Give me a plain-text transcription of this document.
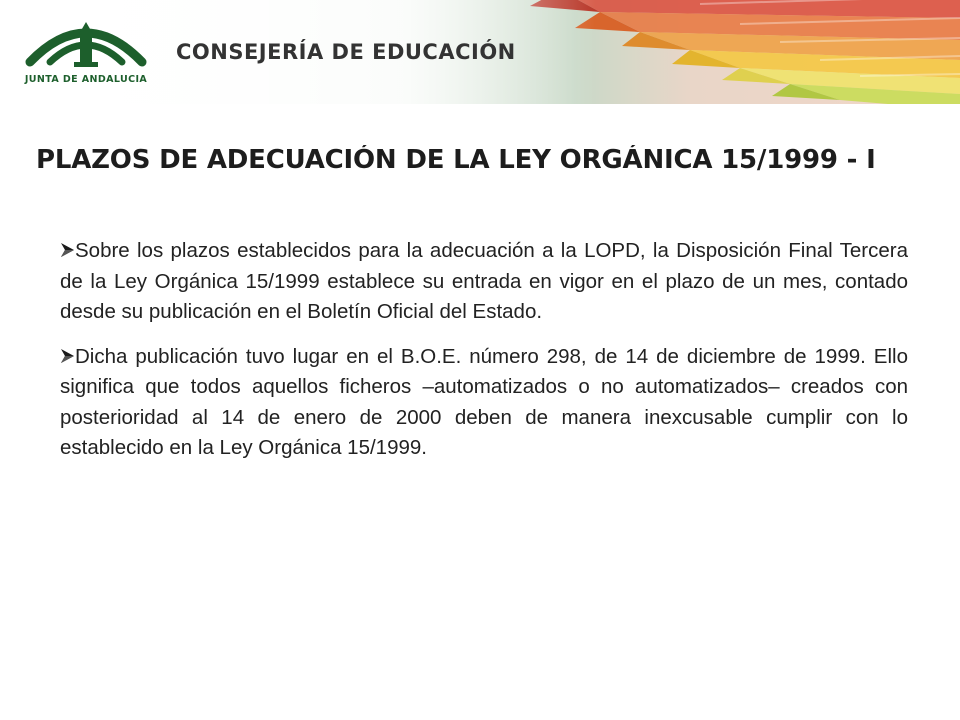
JUNTA DE ANDALUCIA
CONSEJERÍA DE EDUCACIÓN
PLAZOS DE ADECUACIÓN DE LA LEY ORGÁNICA 15/1999 - I

Sobre los plazos establecidos para la adecuación a la LOPD, la Disposición Final Tercera de la Ley Orgánica 15/1999 establece su entrada en vigor en el plazo de un mes, contado desde su publicación en el Boletín Oficial del Estado.

Dicha publicación tuvo lugar en el B.O.E. número 298, de 14 de diciembre de 1999. Ello significa que todos aquellos ficheros –automatizados o no automatizados– creados con posterioridad al 14 de enero de 2000 deben de manera inexcusable cumplir con lo establecido en la Ley Orgánica 15/1999.
